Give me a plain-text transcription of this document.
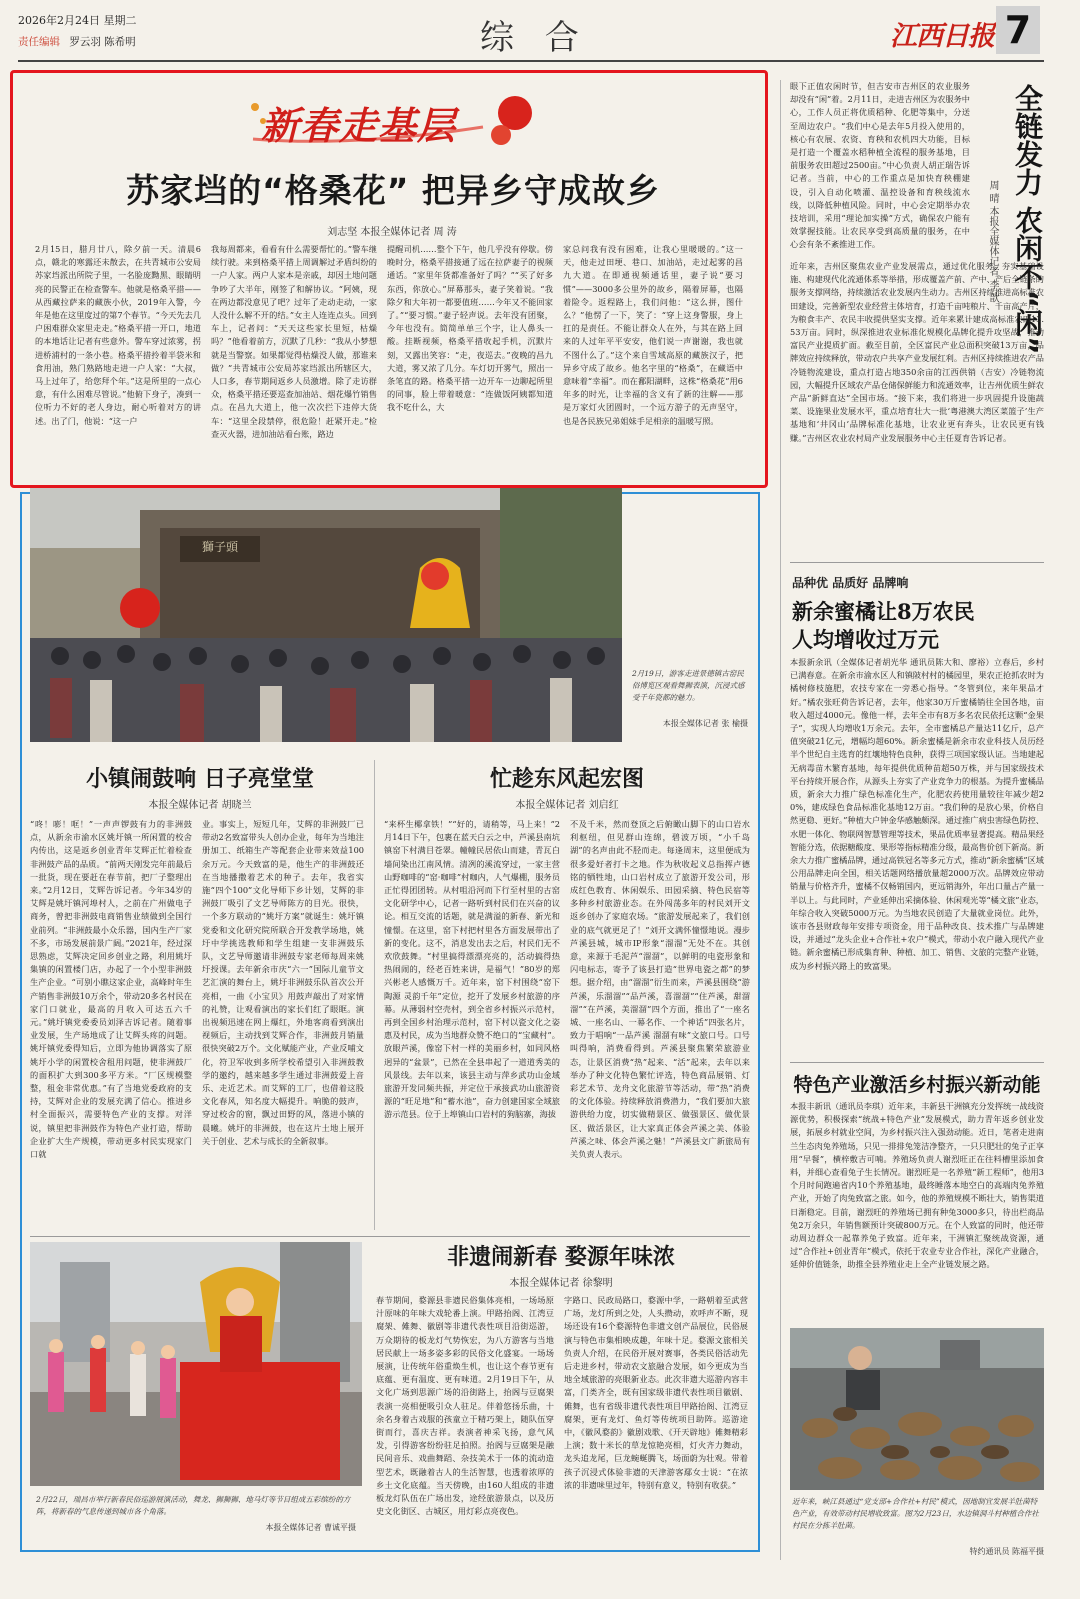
2026年2月24日 星期二
责任编辑 罗云羽 陈希明	综 合	江西日报 7
新春走基层
苏家垱的“格桑花” 把异乡守成故乡
刘志坚 本报全媒体记者 周 涛
2月15日，腊月廿八，除夕前一天。清晨6点，赣北的寒露还未散去，在共青城市公安局苏家垱派出所院子里，一名脸庞黝黑、眼睛明亮的民警正在检查警车。他就是格桑平措——从西藏拉萨来的藏族小伙，2019年入警，今年是他在这里度过的第7个春节。“今天先去几户困难群众家里走走。”格桑平措一开口，地道的本地话让记者有些意外。警车穿过浓雾，拐进桥浦村的一条小巷。格桑平措拎着半袋米和食用油，熟门熟路地走进一户人家：“大叔，马上过年了，给您拜个年。”这是所里的一点心意，有什么困难尽管说。”他俯下身子，凑到一位听力不好的老人身边，耐心听着对方的讲述。出了门，他说：“这一户
我每周都来，看看有什么需要帮忙的。”警车继续行驶。来到格桑平措上周调解过矛盾纠纷的一户人家。两户人家本是亲戚，却因土地问题争吵了大半年，刚签了和解协议。“阿姨，现在两边都没意见了吧？过年了走动走动，一家人没什么解不开的结。”女主人连连点头。回到车上，记者问：“天天这些家长里短，枯燥吗？”他看着前方，沉默了几秒：“我从小梦想就是当警察。如果都觉得枯燥没人做，那谁来做？”共青城市公安局苏家垱派出所辖区大，人口多，春节期间返乡人员激增。除了走访群众，格桑平措还要巡查加油站、烟花爆竹销售点。在昌九大道上，他一次次拦下违停大货车：“这里全段禁停，很危险！赶紧开走。”检查灭火器，进加油站看台账，路边
提醒司机……整个下午，他几乎没有停歇。傍晚时分，格桑平措接通了远在拉萨妻子的视频通话。“家里年货都准备好了吗？”“买了好多东西，你放心。”屏幕那头，妻子笑着说。“我除夕和大年初一都要值班……今年又不能回家了。”“要习惯。”妻子轻声说。去年没有团聚，今年也没有。简简单单三个字，让人鼻头一酸。挂断视频，格桑平措收起手机，沉默片刻，又露出笑容：“走，夜巡去。”夜晚的昌九大道，雾又浓了几分。车灯切开雾气，照出一条笔直的路。格桑平措一边开车一边聊起所里的同事，脸上带着暖意：“连做饭阿姨都知道我不吃什么，大
家总问我有没有困难，让我心里暖暖的。”这一天，他走过田埂、巷口、加油站，走过起雾的昌九大道。在即通视频通话里，妻子说“要习惯”——3000多公里外的故乡，隔着屏幕，也隔着险令。返程路上，我们问他：“这么拼，图什么？”他愣了一下，笑了：“穿上这身警服，身上扛的是责任。不能让群众人在外，与其在路上回来的人过年平平安安，他们说一声谢谢，我也就不图什么了。”这个来自雪域高原的藏族汉子，把异乡守成了故乡。他名字里的“格桑”，在藏语中意味着“幸福”。而在鄱阳湖畔，这株“格桑花”用6年多的时光，让幸福的含义有了新的注解——那是万家灯火团圆时，一个远方游子的无声坚守，也是各民族兄弟姐妹手足相亲的温暖写照。
獅子頭
2月19日，游客走进景德镇古窑民俗博览区观看舞狮表演，沉浸式感受千年瓷都的魅力。
本报全媒体记者 张 榆摄
小镇闹鼓响 日子亮堂堂
本报全媒体记者 胡晓兰
“咚！嘭！哐！”一声声锣鼓有力的非洲鼓点，从新余市渝水区姚圩镇一所闲置的校舍内传出，这是返乡创业青年艾辉正忙着检查非洲鼓产品的品质。“前两天刚发完年前最后一批货，现在要赶在春节前，把厂子整理出来。”2月12日，艾辉告诉记者。今年34岁的艾辉是姚圩镇河埠村人，之前在广州做电子商务，曾把非洲鼓电商销售业绩做到全国行业前列。“非洲鼓最小众乐器，国内生产厂家不多，市场发展前景广阔。”2021年，经过深思熟虑，艾辉决定回乡创业之路，利用姚圩集镇的闲置楼门店，办起了一个小型非洲鼓生产企业。“可别小瞧这家企业，高峰时年生产销售非洲鼓10万余个，带动20多名村民在家门口就业，最高的月收入可达五六千元。”姚圩镇党委委员刘泽吉诉记者。随着事业发展，生产场地成了让艾辉头疼的问题。姚圩镇党委得知后，立即为他协调落实了原姚圩小学的闲置校舍租用问题，使非洲鼓厂的面积扩大到300多平方米。“厂区规模整整，租金非常优惠。”有了当地党委政府的支持，艾辉对企业的发展充满了信心。推进乡村全面振兴，需要特色产业的支撑。对洋说，镇里把非洲鼓作为特色产业打造，帮助企业扩大生产规模，带动更多村民实现家门口就
业。事实上，短短几年，艾辉的非洲鼓厂已带动2名致富带头人创办企业，每年为当地注册加工、纸箱生产等配套企业带来效益100余万元。今天致富的是，他生产的非洲鼓还在当地播撒着艺术的种子。去年，我省实施“四个100”文化导师下乡计划，艾辉的非洲鼓厂吸引了文艺导师陈方的目光。很快，一个多方联动的“姚圩方案”就诞生：姚圩镇党委和文化研究院所联合开发教学场地，姚圩中学挑选教师和学生组建一支非洲鼓乐队，文艺导师邀请非洲鼓专家老师每周来姚圩授课。去年新余市庆“六一”国际儿童节文艺汇演的舞台上，姚圩非洲鼓乐队首次公开亮相，一曲《小宝贝》用鼓声敲出了对家情的礼赞，让观看演出的家长们红了眼眶。演出视频迅速在网上爆红，外地客商看到演出视频后，主动找到艾辉合作，非洲鼓月销量很快突破2万个。文化赋能产业，产业反哺文化，符卫军收到多所学校希望引入非洲鼓教学的邀约，越来越多学生通过非洲鼓爱上音乐、走近艺术。而艾辉的工厂，也借着这股文化春风，知名度大幅提升。响脆的鼓声，穿过校舍的窗，飘过田野的风，落进小镇的晨曦。姚圩的非洲鼓，也在这片土地上展开关于创业、艺术与成长的全新叙事。
忙趁东风起宏图
本报全媒体记者 刘启红
“来杯生椰拿铁！”“好的，请稍等，马上来！”2月14日下午，包裹在蓝天白云之中，芦溪县南坑镇窑下村满目苍翠。幢幢民居依山而建，青瓦白墙间染出江南风情。清冽的溪流穿过，一家主营山野咖啡的“窑·咖啡”村咖内，人气爆棚，服务员正忙得团团转。从村咀沿河而下行至村里的古窑文化研学中心，记者一路听到村民们在兴奋的议论。相互交流的话题，就是满溢的新春、新光和憧憬。在这里，窑下村把村里各方面发展带出了新的变化。这不，消息发出去之后，村民们无不欢欣鼓舞。“村里搞得漂漂亮亮的，活动搞得热热闹闹的，经老百姓来讲，是福气！”80岁的郑兴彬老人感慨万千。近年来，窑下村围绕“窑下陶源 灵韵千年”定位，挖开了发展乡村旅游的序幕。从薄弱村空壳村，到全省乡村振兴示范村，再到全国乡村治理示范村，窑下村以瓷文化之姿惠及村民，成为当地群众赞不绝口的“宝藏村”。放眼芦溪，像窑下村一样的美丽乡村，如同风格迥异的“盆景”，已然在全县串起了一道道秀美的风景线。去年以来，该县主动与萍乡武功山金域旅游开发同频共振，并定位于承接武功山旅游资源的“旺足地”和“蓄水池”，奋力创建国家全域旅游示范县。位于上埠镇山口岩村的狗脑寨，海拔
不及千米，然而登顶之后俯瞰山脚下的山口岩水利枢纽，但见群山连绵，碧波万顷，“小千岛湖”的名声由此不胫而走。每逢周末，这里便成为很多爱好者打卡之地。作为秋收起义总指挥卢德铭的牺牲地，山口岩村成立了旅游开发公司，形成红色教育、休闲娱乐、田园采摘、特色民宿等多种乡村旅游业态。在外闯荡多年的村民刘开文返乡创办了家庭农场。“旅游发展起来了，我们创业的底气就更足了！”刘开文满怀憧憬地说。漫步芦溪县城，城市IP形象“溜溜”无处不在。其创意，来源于毛泥芦“溜溜”，以鲜明的电瓷形象和闪电标志，寄予了该县打造“世界电瓷之都”的梦想。据介绍，由“溜溜”衍生而来，芦溪县围绕“游芦溪，乐溜溜”“品芦溪，喜溜溜”“住芦溪，甜溜溜”“在芦溪，美溜溜”四个方面，推出了“一座名城、一座名山、一幕名作、一个神话”四张名片，致力于唱响“一品芦溪 溜溜有味”文旅口号。口号叫得响，消费看得到。芦溪县聚焦繁荣旅游业态，让景区消费“热”起来、“活”起来，去年以来举办了种文化特色繁忙评选，特色商品展销、灯彩艺术节、龙舟文化旅游节等活动，带“热”消费的文化体验。持续释放消费潜力，“我们要加大旅游供给力度，切实做精景区、做强景区、做优景区、做活景区，让大家真正体会芦溪之美、体验芦溪之味、体会芦溪之魅！”芦溪县文广新旅局有关负责人表示。
2月22日，瑞昌市举行新春民俗巡游展演活动，舞龙、狮狮狮、地马灯等节目组成五彩缤纷的方阵，将新春的气息传递到城市各个角落。
本报全媒体记者 曹诚平摄
非遗闹新春 婺源年味浓
本报全媒体记者 徐黎明
春节期间，婺源县非遗民俗集体亮相，一场场原汁原味的年味大戏轮番上演。甲路抬阁、江湾豆腐架、傩舞、徽剧等非遗代表性项目沿街巡游，万众期待的板龙灯气势恢宏，为八方游客与当地居民献上一场多姿多彩的民俗文化盛宴。一场场展演，让传统年俗重焕生机，也让这个春节更有底蕴、更有温度、更有味道。2月19日下午，从文化广场到思源广场的沿街路上，抬阁与豆腐架表演一亮相便吸引众人驻足。伴着悠扬乐曲，十余名身着古戏服的孩童立于精巧架上，随队伍穿街而行，喜庆吉祥。表演者神采飞扬，意气风发，引得游客纷纷驻足拍照。抬阁与豆腐架是融民间音乐、戏曲舞蹈、杂技美术于一体的流动造型艺术，既融着古人的生活智慧，也透着浓厚的乡土文化底蕴。当天傍晚，由160人组成的非遗板龙灯队伍在广场出发，途经旅游景点，以及历史文化街区、古城区，用灯彩点亮夜色。
字路口、民政局路口，婺源中学，一路朝着至武营广场，龙灯所到之处，人头攒动，欢呼声不断，现场还设有16个婺源特色非遗文创产品展位，民俗展演与特色市集相映成趣，年味十足。婺源文旅相关负责人介绍，在民俗开展对赛事，各类民俗活动先后走进乡村，带动农文旅融合发展，如今更成为当地全域旅游的亮眼新业态。此次非遗大巡游内容丰富，门类齐全，既有国家级非遗代表性项目徽剧、傩舞，也有省级非遗代表性项目甲路抬阁、江湾豆腐架，更有龙灯、鱼灯等传统项目助阵。巡游途中，《徽风婺韵》徽剧戏歌、《开天辟地》傩舞精彩上演；数十米长的草龙惊艳亮相，灯火齐力舞动，龙头追龙尾，巨龙蜿蜒腾飞，场面蔚为壮观。带着孩子沉浸式体验非遗的天津游客鄢女士说：“在浓浓的非遗味里过年，特别有意义，特别有收获。”
眼下正值农闲时节，但吉安市吉州区的农业服务却没有“闲”着。2月11日，走进吉州区为农服务中心，工作人员正将优质稻种、化肥等集中，分送至周边农户。“我们中心是去年5月投入使用的，核心有农展、农资、育秧和农机四大功能，目标是打造一个覆盖水稻种植全流程的服务基地，目前服务农田超过2500亩。”中心负责人胡正瑞告诉记者。当前，中心的工作重点是加快育秧棚建设，引入自动化喷灌、温控设备和育秧线流水线，以降低种植风险。同时，中心会定期举办农技培训，采用“理论加实操”方式，确保农户能有效掌握技能。让农民享受到高质量的服务，在中心会有条不紊推进工作。	全链发力 农闲不“闲”
周 晴 本报全媒体记者 李 歆
近年来，吉州区聚焦农业产业发展需点，通过优化服务、夯实基础设施、构建现代化流通体系等举措，形成覆盖产前、产中、产后全链条的服务支撑网络，持续激活农业发展内生动力。吉州区持续推进高标准农田建设，完善新型农业经营主体培育，打造千亩吨粮片、千亩高产片，为粮食丰产、农民丰收提供坚实支撑。近年来累计建成高标准农田13.53万亩。同时，纵深推进农业标准化规模化品牌化提升攻坚战，推动富民产业提质扩面。截至目前，全区富民产业总面积突破13万亩，品牌效应持续释放，带动农户共享产业发展红利。吉州区持续推进农产品冷链物流建设，重点打造占地350余亩的江西供销（吉安）冷链物流园，大幅提升区域农产品仓储保鲜能力和流通效率，让吉州优质生鲜农产品“新鲜直达”全国市场。“接下来，我们将进一步巩固提升设施蔬菜、设施果业发展水平，重点培育壮大一批‘粤港澳大湾区菜篮子’生产基地和‘井冈山’品牌标准化基地，让农业更有奔头，让农民更有钱赚。”吉州区农业农村局产业发展服务中心主任夏育告诉记者。
品种优 品质好 品牌响
新余蜜橘让8万农民
人均增收过万元
本报新余讯（全媒体记者胡光华 通讯员陈大和、廖裕）立春后，乡村已满春意。在新余市渝水区人和镇陂村村的橘园里，果农正抢抓农时为橘树修枝施肥，农技专家在一旁悉心指导。“冬管到位，来年果品才好。”橘农张旺荷告诉记者，去年，他家30万斤蜜橘销往全国各地，亩收入超过4000元。像他一样，去年全市有8万多名农民依托这颗“金果子”，实现人均增收1万余元。去年，全市蜜橘总产量达11亿斤，总产值突破21亿元，增幅均超60%。新余蜜橘是新余市农业科技人员历经半个世纪自主选育的红壤地特色良种，获得三项国家级认证。当地建起无病毒苗木繁育基地，每年提供优质种苗超50万株，并与国家级技术平台持续开展合作，从源头上夯实了产业竞争力的根基。为提升蜜橘品质，新余大力推广绿色标准化生产，化肥农药使用量较往年减少超20%，建成绿色食品标准化基地12万亩。“我们种的是放心果，价格自然更稳、更好。”种植大户钟金华感触颇深。通过推广病虫害绿色防控、水肥一体化、物联网智慧管理等技术，果品优质率显著提高。精品果经智能分选，依据糖酸度、果形等指标精准分级，最高售价创下新高。新余大力推广蜜橘品牌，通过高铁冠名等多元方式，推动“新余蜜橘”区域公用品牌走向全国，相关话题网络播放量超2000万次。品牌效应带动销量与价格齐升，蜜橘不仅畅销国内，更远销海外，年出口量占产量一半以上。与此同时，产业延伸出采摘体验、休闲观光等“橘文旅”业态，年综合收入突破5000万元。为当地农民创造了大量就业岗位。此外，该市各县财政每年安排专项资金，用于品种改良、技术推广与品牌建设，并通过“龙头企业+合作社+农户”模式，带动小农户融入现代产业链。新余蜜橘已形成集育种、种植、加工、销售、文旅的完整产业链，成为乡村振兴路上的致富果。
特色产业激活乡村振兴新动能
本报丰新讯（通讯员李琪）近年来，丰新县干洲镇充分发挥统一战线资源优势，积极探索“统战+特色产业”发展模式，助力青年返乡创业发展，拓展乡村就业空间，为乡村振兴注入强劲动能。近日，笔者走进南兰生态肉兔养殖场，只见一排排兔笼洁净整齐，一只只肥壮的兔子正享用“早餐”，横梓敷吉可喃。养殖场负责人谢烈旺正在往料槽里添加食料，并细心查看兔子生长情况。谢烈旺是一名养殖“新工程师”，他用3个月时间跑遍省内10个养殖基地，最终睡落本地空白的高端肉兔养殖产业，开始了肉兔致富之旅。如今，他的养殖规模不断壮大，销售渠道日渐稳定。目前，谢烈旺的养殖场已拥有种兔3000多只，待出栏商品兔2万余只，年销售额预计突破800万元。在个人致富的同时，他还带动周边群众一起靠养兔子致富。近年来，干洲镇汇聚统战资源，通过“合作社+创业青年”模式，依托于农业专业合作社，深化产业融合，延伸价值链条，助推全县养殖业走上全产业链发展之路。
近年来，峡江县通过“党支部+合作社+村民”模式，因地制宜发展羊肚菌特色产业，有效带动村民增收致富。图为2月23日，水边镇洞斗村种植合作社村民在分拣羊肚菌。
特约通讯员 陈福平摄
